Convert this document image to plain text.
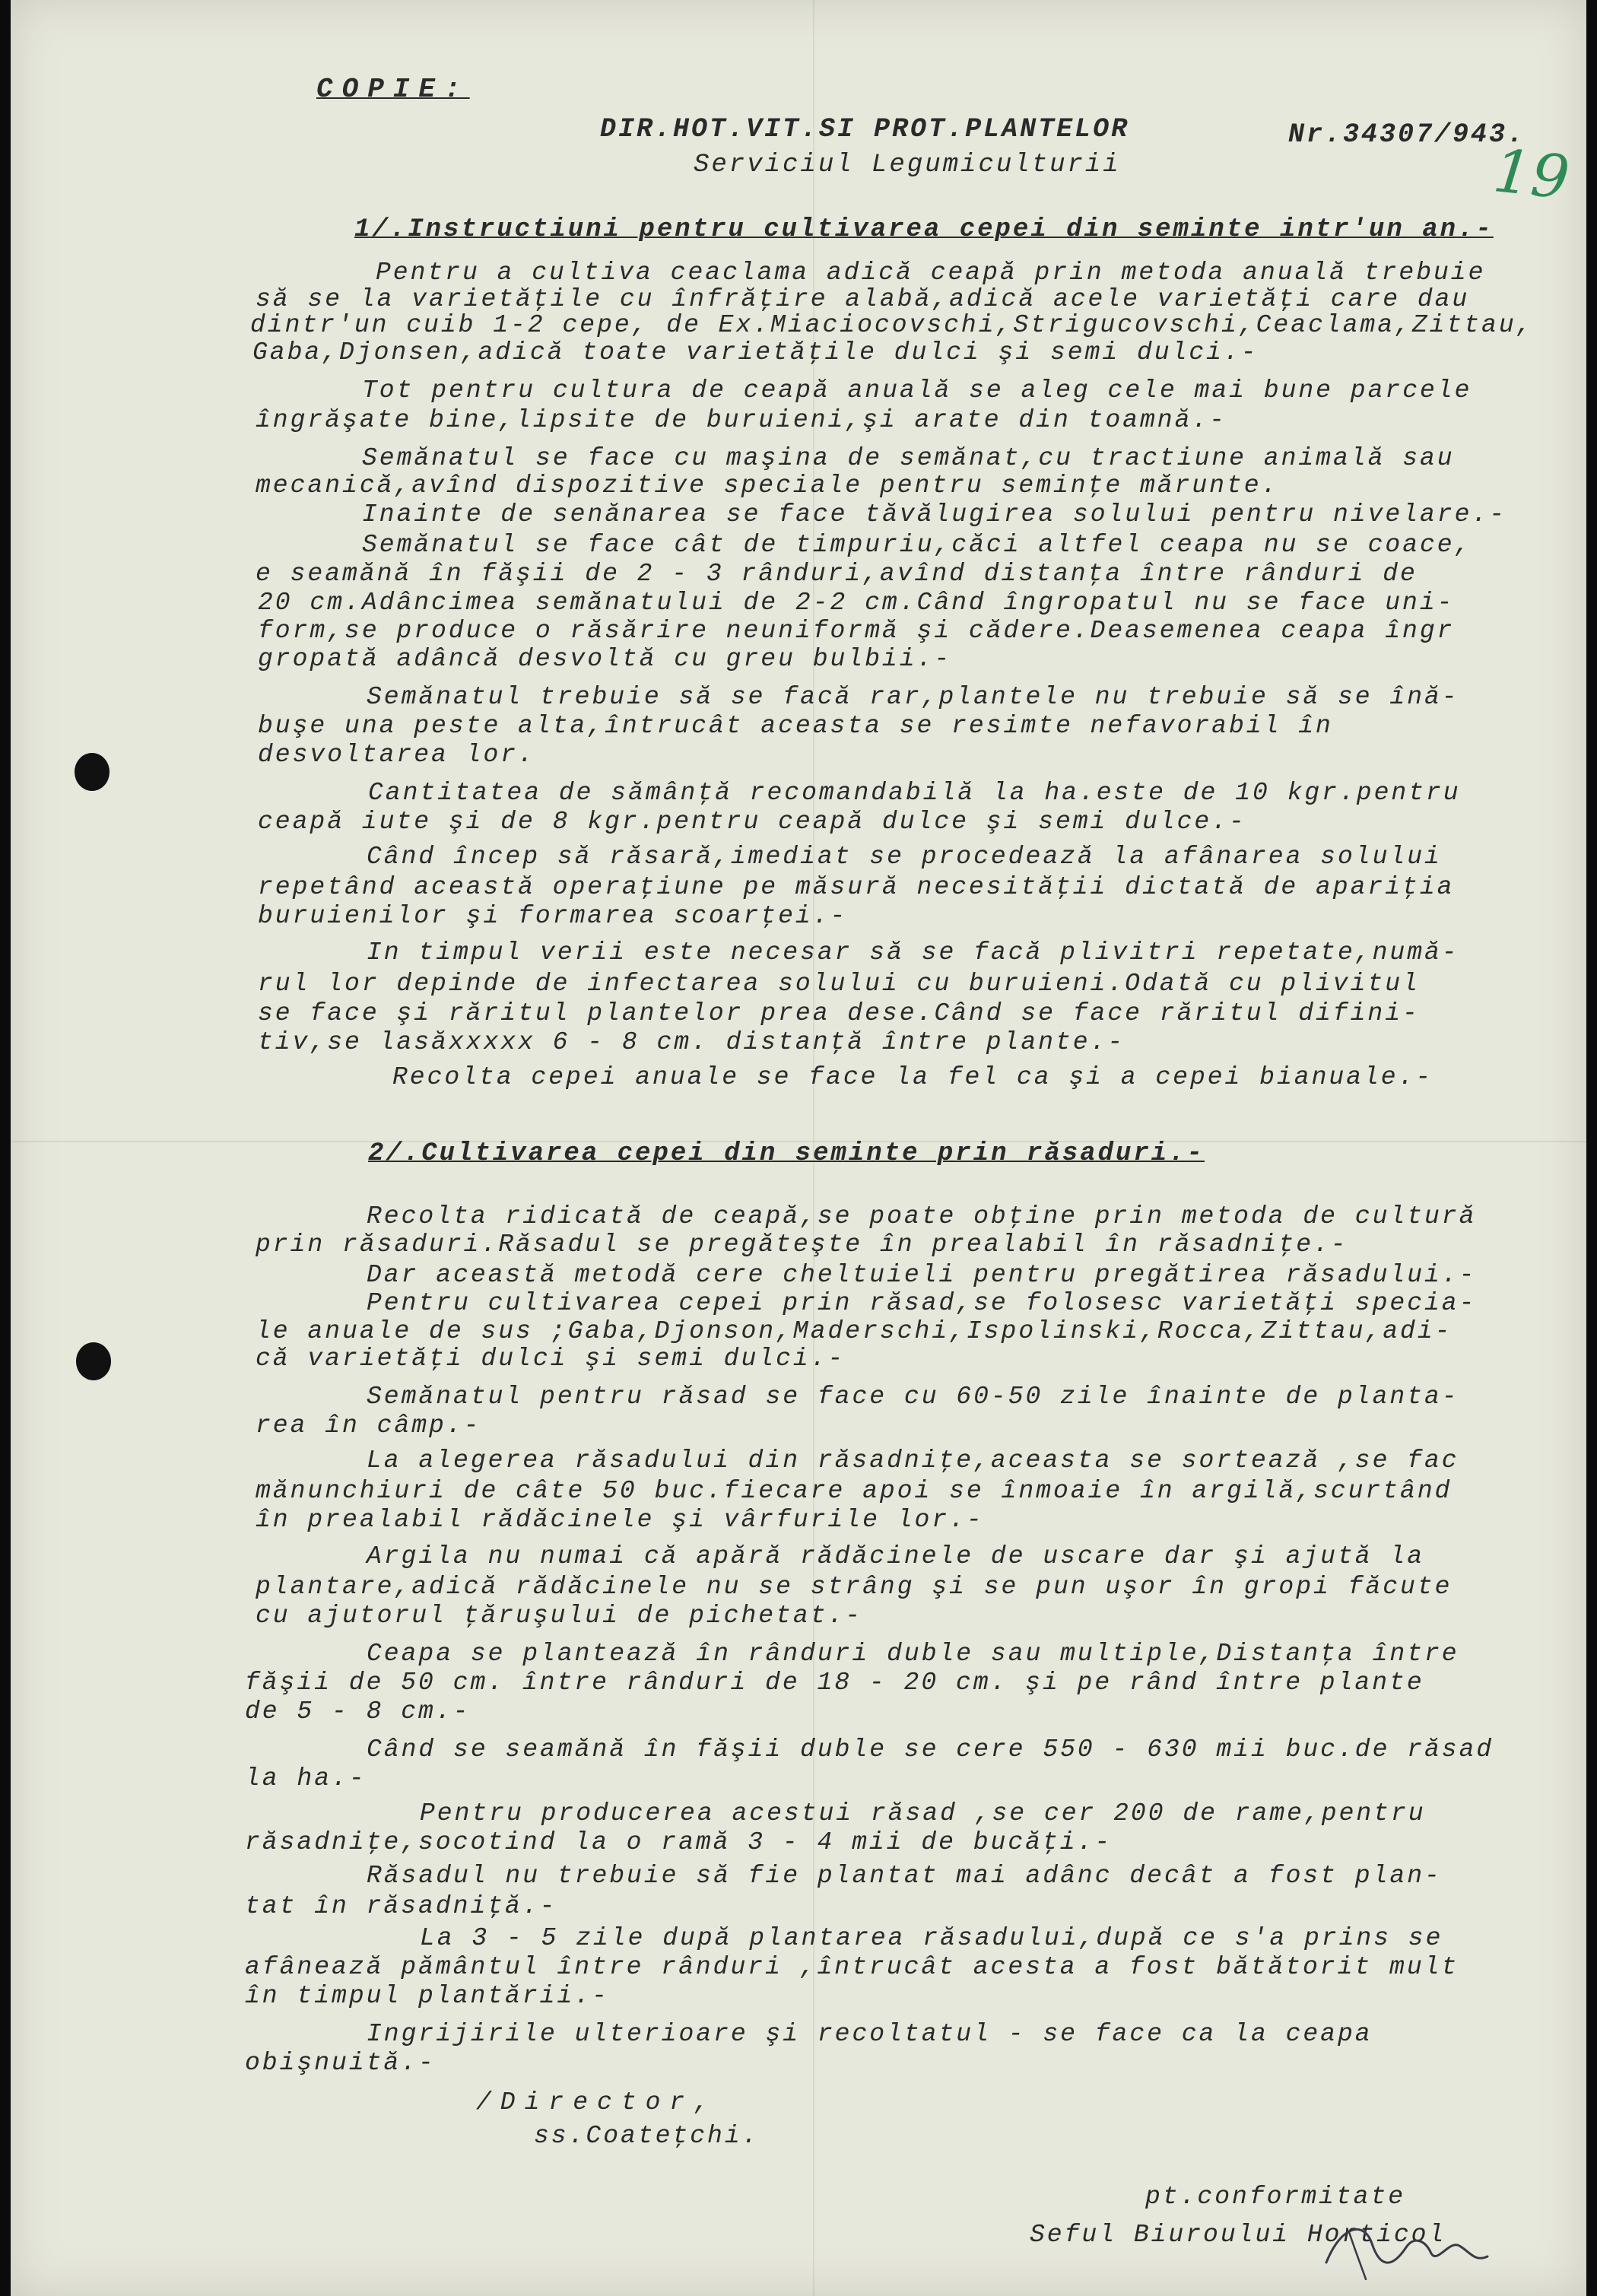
COPIE:
DIR.HOT.VIT.SI PROT.PLANTELOR
Serviciul Legumiculturii
Nr.34307/943.
19
1/.Instructiuni pentru cultivarea cepei din seminte intr'un an.-
Pentru a cultiva ceaclama adică ceapă prin metoda anuală trebuie
să se la varietăţile cu înfrăţire alabă,adică acele varietăţi care dau
dintr'un cuib 1-2 cepe, de Ex.Miaciocovschi,Strigucovschi,Ceaclama,Zittau,
Gaba,Djonsen,adică toate varietăţile dulci şi semi dulci.-
Tot pentru cultura de ceapă anuală se aleg cele mai bune parcele
îngrăşate bine,lipsite de buruieni,şi arate din toamnă.-
Semănatul se face cu maşina de semănat,cu tractiune animală sau
mecanică,avînd dispozitive speciale pentru seminţe mărunte.
Inainte de senănarea se face tăvălugirea solului pentru nivelare.-
Semănatul se face cât de timpuriu,căci altfel ceapa nu se coace,
e seamănă în făşii de 2 - 3 rânduri,avînd distanţa între rânduri de
20 cm.Adâncimea semănatului de 2-2 cm.Când îngropatul nu se face uni-
form,se produce o răsărire neuniformă şi cădere.Deasemenea ceapa îngr
gropată adâncă desvoltă cu greu bulbii.-
Semănatul trebuie să se facă rar,plantele nu trebuie să se înă-
buşe una peste alta,întrucât aceasta se resimte nefavorabil în
desvoltarea lor.
Cantitatea de sămânţă recomandabilă la ha.este de 10 kgr.pentru
ceapă iute şi de 8 kgr.pentru ceapă dulce şi semi dulce.-
Când încep să răsară,imediat se procedează la afânarea solului
repetând această operaţiune pe măsură necesităţii dictată de apariţia
buruienilor şi formarea scoarţei.-
In timpul verii este necesar să se facă plivitri repetate,numă-
rul lor depinde de infectarea solului cu buruieni.Odată cu plivitul
se face şi răritul plantelor prea dese.Când se face răritul difini-
tiv,se lasăxxxxx 6 - 8 cm. distanţă între plante.-
Recolta cepei anuale se face la fel ca şi a cepei bianuale.-
2/.Cultivarea cepei din seminte prin răsaduri.-
Recolta ridicată de ceapă,se poate obţine prin metoda de cultură
prin răsaduri.Răsadul se pregăteşte în prealabil în răsadniţe.-
Dar această metodă cere cheltuieli pentru pregătirea răsadului.-
Pentru cultivarea cepei prin răsad,se folosesc varietăţi specia-
le anuale de sus ;Gaba,Djonson,Maderschi,Ispolinski,Rocca,Zittau,adi-
că varietăţi dulci şi semi dulci.-
Semănatul pentru răsad se face cu 60-50 zile înainte de planta-
rea în câmp.-
La alegerea răsadului din răsadniţe,aceasta se sortează ,se fac
mănunchiuri de câte 50 buc.fiecare apoi se înmoaie în argilă,scurtând
în prealabil rădăcinele şi vârfurile lor.-
Argila nu numai că apără rădăcinele de uscare dar şi ajută la
plantare,adică rădăcinele nu se strâng şi se pun uşor în gropi făcute
cu ajutorul ţăruşului de pichetat.-
Ceapa se plantează în rânduri duble sau multiple,Distanţa între
făşii de 50 cm. între rânduri de 18 - 20 cm. şi pe rând între plante
de 5 - 8 cm.-
Când se seamănă în făşii duble se cere 550 - 630 mii buc.de răsad
la ha.-
Pentru producerea acestui răsad ,se cer 200 de rame,pentru
răsadniţe,socotind la o ramă 3 - 4 mii de bucăţi.-
Răsadul nu trebuie să fie plantat mai adânc decât a fost plan-
tat în răsadniţă.-
La 3 - 5 zile după plantarea răsadului,după ce s'a prins se
afânează pământul între rânduri ,întrucât acesta a fost bătătorit mult
în timpul plantării.-
Ingrijirile ulterioare şi recoltatul - se face ca la ceapa
obişnuită.-
/Director,
ss.Coateţchi.
pt.conformitate
Seful Biuroului Horticol
